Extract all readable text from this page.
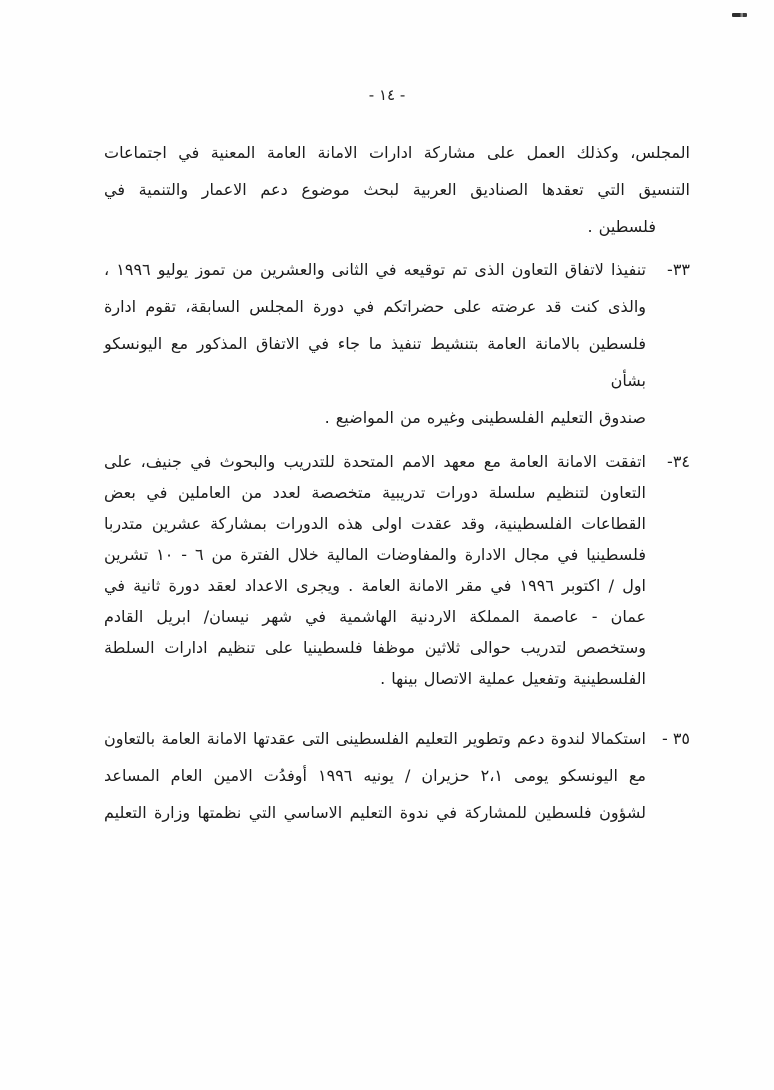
- ١٤ -
المجلس، وكذلك العمل على مشاركة ادارات الامانة العامة المعنية في اجتماعات
التنسيق التي تعقدها الصناديق العربية لبحث موضوع دعم الاعمار والتنمية في
فلسطين .
٣٣-
تنفيذا لاتفاق التعاون الذى تم توقيعه في الثانى والعشرين من تموز يوليو ١٩٩٦ ،
والذى كنت قد عرضته على حضراتكم في دورة المجلس السابقة، تقوم ادارة
فلسطين بالامانة العامة بتنشيط تنفيذ ما جاء في الاتفاق المذكور مع اليونسكو بشأن
صندوق التعليم الفلسطينى وغيره من المواضيع .
٣٤-
اتفقت الامانة العامة مع معهد الامم المتحدة للتدريب والبحوث في جنيف، على
التعاون لتنظيم سلسلة دورات تدريبية متخصصة لعدد من العاملين في بعض
القطاعات الفلسطينية، وقد عقدت اولى هذه الدورات بمشاركة عشرين متدربا
فلسطينيا في مجال الادارة والمفاوضات المالية خلال الفترة من ٦ - ١٠ تشرين
اول / اكتوبر ١٩٩٦ في مقر الامانة العامة . ويجرى الاعداد لعقد دورة ثانية في
عمان - عاصمة المملكة الاردنية الهاشمية في شهر نيسان/ ابريل القادم
وستخصص لتدريب حوالى ثلاثين موظفا فلسطينيا على تنظيم ادارات السلطة
الفلسطينية وتفعيل عملية الاتصال بينها .
٣٥ -
استكمالا لندوة دعم وتطوير التعليم الفلسطينى التى عقدتها الامانة العامة بالتعاون
مع اليونسكو يومى ٢،١ حزيران / يونيه ١٩٩٦ أوفدُت الامين العام المساعد
لشؤون فلسطين للمشاركة في ندوة التعليم الاساسي التي نظمتها وزارة التعليم
